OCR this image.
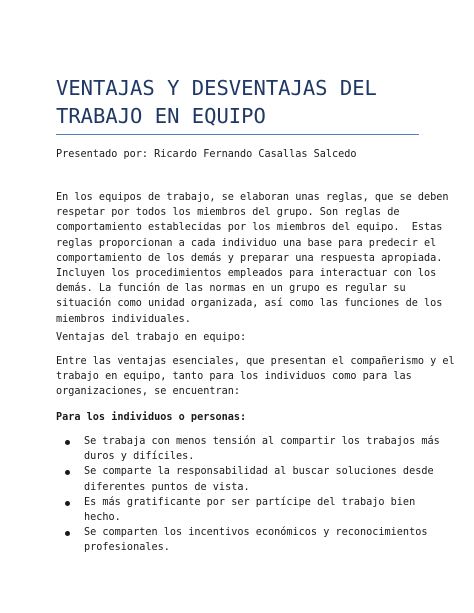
VENTAJAS Y DESVENTAJAS DEL
TRABAJO EN EQUIPO

Presentado por: Ricardo Fernando Casallas Salcedo

En los equipos de trabajo, se elaboran unas reglas, que se deben
respetar por todos los miembros del grupo. Son reglas de
comportamiento establecidas por los miembros del equipo.  Estas
reglas proporcionan a cada individuo una base para predecir el
comportamiento de los demás y preparar una respuesta apropiada.
Incluyen los procedimientos empleados para interactuar con los
demás. La función de las normas en un grupo es regular su
situación como unidad organizada, así como las funciones de los
miembros individuales.

Ventajas del trabajo en equipo:

Entre las ventajas esenciales, que presentan el compañerismo y el
trabajo en equipo, tanto para los individuos como para las
organizaciones, se encuentran:

Para los individuos o personas:

Se trabaja con menos tensión al compartir los trabajos más
duros y difíciles.
Se comparte la responsabilidad al buscar soluciones desde
diferentes puntos de vista.
Es más gratificante por ser partícipe del trabajo bien
hecho.
Se comparten los incentivos económicos y reconocimientos
profesionales.
